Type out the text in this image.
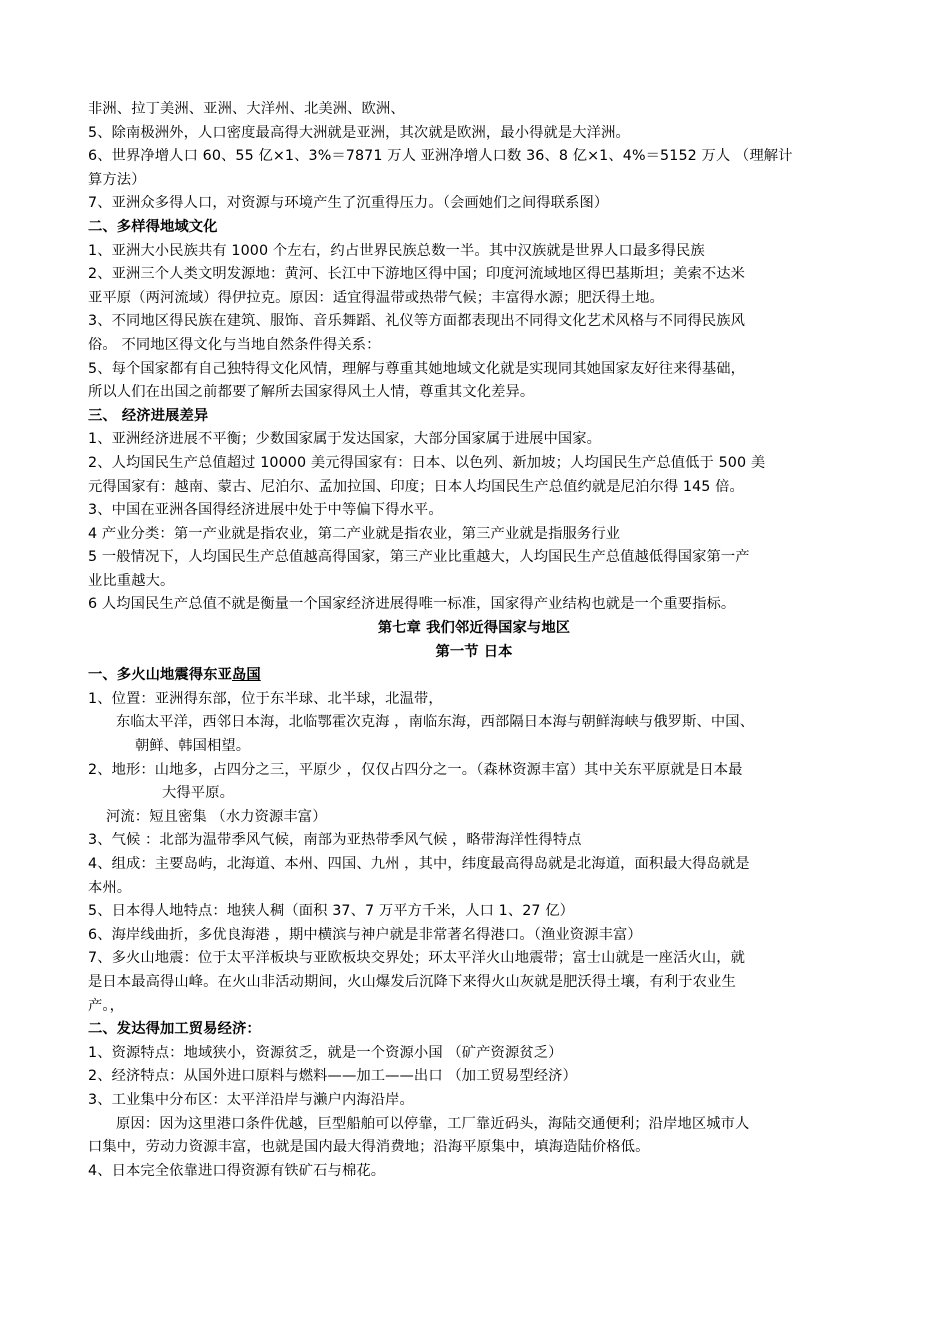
非洲、拉丁美洲、亚洲、大洋州、北美洲、欧洲、
5、除南极洲外，人口密度最高得大洲就是亚洲，其次就是欧洲，最小得就是大洋洲。
6、世界净增人口 60、55 亿×1、3%＝7871 万人 亚洲净增人口数 36、8 亿×1、4%＝5152 万人 （理解计
算方法）
7、亚洲众多得人口，对资源与环境产生了沉重得压力。（会画她们之间得联系图）
二、多样得地域文化
1、亚洲大小民族共有 1000 个左右，约占世界民族总数一半。其中汉族就是世界人口最多得民族
2、亚洲三个人类文明发源地：黄河、长江中下游地区得中国；印度河流域地区得巴基斯坦；美索不达米
亚平原（两河流域）得伊拉克。原因：适宜得温带或热带气候；丰富得水源；肥沃得土地。
3、不同地区得民族在建筑、服饰、音乐舞蹈、礼仪等方面都表现出不同得文化艺术风格与不同得民族风
俗。 不同地区得文化与当地自然条件得关系：
5、每个国家都有自己独特得文化风情，理解与尊重其她地域文化就是实现同其她国家友好往来得基础，
所以人们在出国之前都要了解所去国家得风土人情，尊重其文化差异。
三、 经济进展差异
1、亚洲经济进展不平衡；少数国家属于发达国家，大部分国家属于进展中国家。
2、人均国民生产总值超过 10000 美元得国家有：日本、以色列、新加坡；人均国民生产总值低于 500 美
元得国家有：越南、蒙古、尼泊尔、孟加拉国、印度；日本人均国民生产总值约就是尼泊尔得 145 倍。
3、中国在亚洲各国得经济进展中处于中等偏下得水平。
4 产业分类：第一产业就是指农业，第二产业就是指农业，第三产业就是指服务行业
5 一般情况下，人均国民生产总值越高得国家，第三产业比重越大，人均国民生产总值越低得国家第一产
业比重越大。
6 人均国民生产总值不就是衡量一个国家经济进展得唯一标准，国家得产业结构也就是一个重要指标。
第七章 我们邻近得国家与地区
第一节 日本
一、多火山地震得东亚岛国
1、位置：亚洲得东部，位于东半球、北半球，北温带，
东临太平洋，西邻日本海，北临鄂霍次克海 ，南临东海，西部隔日本海与朝鲜海峡与俄罗斯、中国、
朝鲜、韩国相望。
2、地形：山地多，占四分之三，平原少 ，仅仅占四分之一。（森林资源丰富）其中关东平原就是日本最
大得平原。
河流：短且密集 （水力资源丰富）
3、气候 ：北部为温带季风气候，南部为亚热带季风气候 ，略带海洋性得特点
4、组成：主要岛屿，北海道、本州、四国、九州 ，其中，纬度最高得岛就是北海道，面积最大得岛就是
本州。
5、日本得人地特点：地狭人稠（面积 37、7 万平方千米，人口 1、27 亿）
6、海岸线曲折，多优良海港 ，期中横滨与神户就是非常著名得港口。（渔业资源丰富）
7、多火山地震：位于太平洋板块与亚欧板块交界处；环太平洋火山地震带；富士山就是一座活火山，就
是日本最高得山峰。在火山非活动期间，火山爆发后沉降下来得火山灰就是肥沃得土壤，有利于农业生
产。，
二、发达得加工贸易经济：
1、资源特点：地域狭小，资源贫乏，就是一个资源小国 （矿产资源贫乏）
2、经济特点：从国外进口原料与燃料——加工——出口 （加工贸易型经济）
3、工业集中分布区：太平洋沿岸与濑户内海沿岸。
原因：因为这里港口条件优越，巨型船舶可以停靠，工厂靠近码头，海陆交通便利；沿岸地区城市人
口集中，劳动力资源丰富，也就是国内最大得消费地；沿海平原集中，填海造陆价格低。
4、日本完全依靠进口得资源有铁矿石与棉花。
